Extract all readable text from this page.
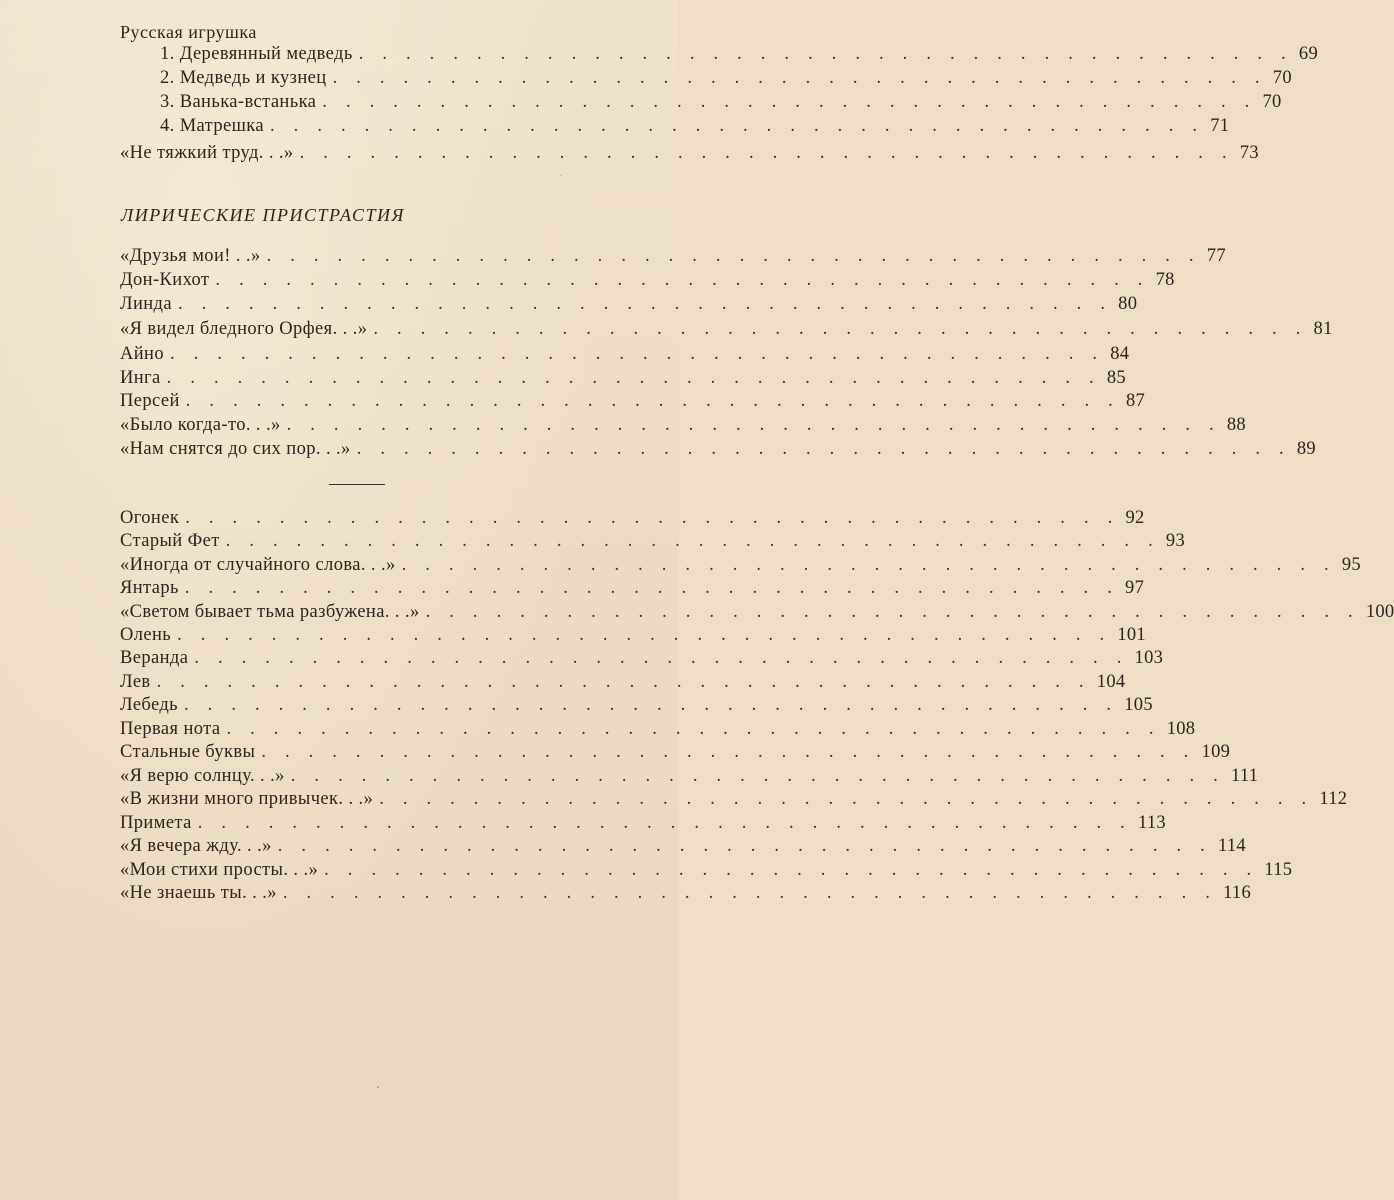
Русская игрушка
1. Деревянный медведь . . . . . . . . . . . . . . . . . . . . . . . . . . . . . . . . . . . . . . . . 69
2. Медведь и кузнец . . . . . . . . . . . . . . . . . . . . . . . . . . . . . . . . . . . . . . . . 70
3. Ванька-встанька . . . . . . . . . . . . . . . . . . . . . . . . . . . . . . . . . . . . . . . . 70
4. Матрешка . . . . . . . . . . . . . . . . . . . . . . . . . . . . . . . . . . . . . . . . 71
«Не тяжкий труд. . .» . . . . . . . . . . . . . . . . . . . . . . . . . . . . . . . . . . . . . . . . 73
ЛИРИЧЕСКИЕ ПРИСТРАСТИЯ
«Друзья мои! . .» . . . . . . . . . . . . . . . . . . . . . . . . . . . . . . . . . . . . . . . . 77
Дон-Кихот . . . . . . . . . . . . . . . . . . . . . . . . . . . . . . . . . . . . . . . . 78
Линда . . . . . . . . . . . . . . . . . . . . . . . . . . . . . . . . . . . . . . . . 80
«Я видел бледного Орфея. . .» . . . . . . . . . . . . . . . . . . . . . . . . . . . . . . . . . . . . . . . . 81
Айно . . . . . . . . . . . . . . . . . . . . . . . . . . . . . . . . . . . . . . . . 84
Инга . . . . . . . . . . . . . . . . . . . . . . . . . . . . . . . . . . . . . . . . 85
Персей . . . . . . . . . . . . . . . . . . . . . . . . . . . . . . . . . . . . . . . . 87
«Было когда-то. . .» . . . . . . . . . . . . . . . . . . . . . . . . . . . . . . . . . . . . . . . . 88
«Нам снятся до сих пор. . .» . . . . . . . . . . . . . . . . . . . . . . . . . . . . . . . . . . . . . . . . 89
Огонек . . . . . . . . . . . . . . . . . . . . . . . . . . . . . . . . . . . . . . . . 92
Старый Фет . . . . . . . . . . . . . . . . . . . . . . . . . . . . . . . . . . . . . . . . 93
«Иногда от случайного слова. . .» . . . . . . . . . . . . . . . . . . . . . . . . . . . . . . . . . . . . . . . . 95
Янтарь . . . . . . . . . . . . . . . . . . . . . . . . . . . . . . . . . . . . . . . . 97
«Светом бывает тьма разбужена. . .» . . . . . . . . . . . . . . . . . . . . . . . . . . . . . . . . . . . . . . . . 100
Олень . . . . . . . . . . . . . . . . . . . . . . . . . . . . . . . . . . . . . . . . 101
Веранда . . . . . . . . . . . . . . . . . . . . . . . . . . . . . . . . . . . . . . . . 103
Лев . . . . . . . . . . . . . . . . . . . . . . . . . . . . . . . . . . . . . . . . 104
Лебедь . . . . . . . . . . . . . . . . . . . . . . . . . . . . . . . . . . . . . . . . 105
Первая нота . . . . . . . . . . . . . . . . . . . . . . . . . . . . . . . . . . . . . . . . 108
Стальные буквы . . . . . . . . . . . . . . . . . . . . . . . . . . . . . . . . . . . . . . . . 109
«Я верю солнцу. . .» . . . . . . . . . . . . . . . . . . . . . . . . . . . . . . . . . . . . . . . . 111
«В жизни много привычек. . .» . . . . . . . . . . . . . . . . . . . . . . . . . . . . . . . . . . . . . . . . 112
Примета . . . . . . . . . . . . . . . . . . . . . . . . . . . . . . . . . . . . . . . . 113
«Я вечера жду. . .» . . . . . . . . . . . . . . . . . . . . . . . . . . . . . . . . . . . . . . . . 114
«Мои стихи просты. . .» . . . . . . . . . . . . . . . . . . . . . . . . . . . . . . . . . . . . . . . . 115
«Не знаешь ты. . .» . . . . . . . . . . . . . . . . . . . . . . . . . . . . . . . . . . . . . . . . 116
